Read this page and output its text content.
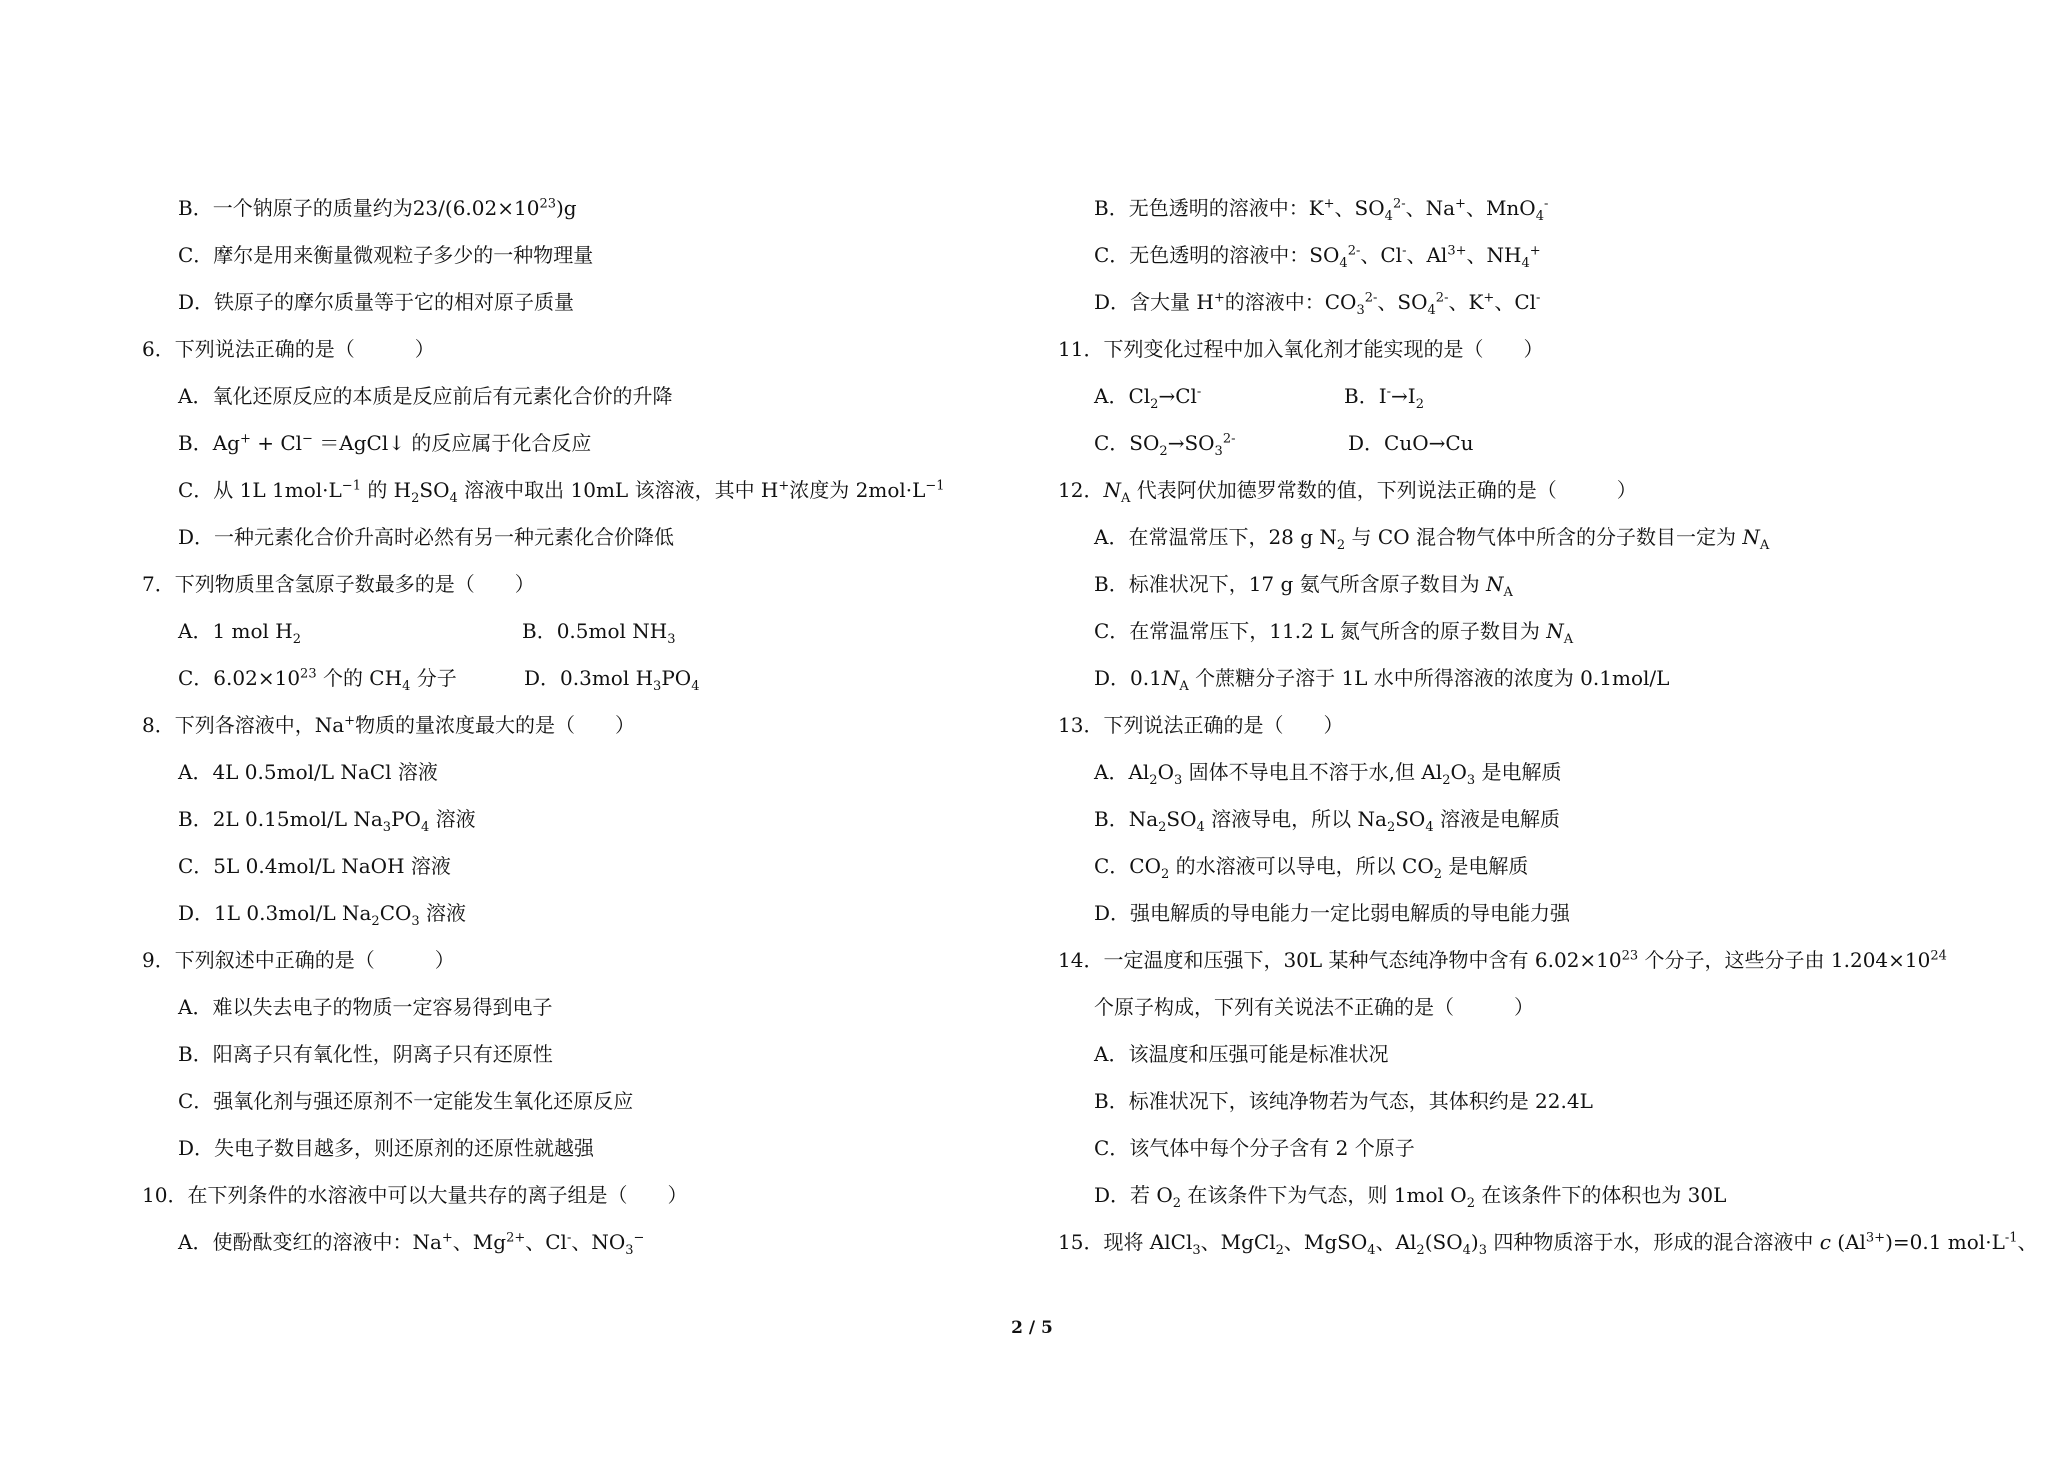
B．一个钠原子的质量约为$23/(6.02\times 10^{23})g$
C．摩尔是用来衡量微观粒子多少的一种物理量
D．铁原子的摩尔质量等于它的相对原子质量
6．下列说法正确的是（　　　）
A．氧化还原反应的本质是反应前后有元素化合价的升降
B．Ag+ + Cl− ＝AgCl↓ 的反应属于化合反应
C．从 1L $1mol\cdot L^{-1}$ 的 $H_2SO_4$ 溶液中取出 10mL 该溶液，其中 H+浓度为 $2mol\cdot L^{-1}$
D．一种元素化合价升高时必然有另一种元素化合价降低
7．下列物质里含氢原子数最多的是（　　）
A．1 mol $H_2$	B．0.5mol $NH_3$
C．$6.02\times 10^{23}$ 个的 $CH_4$ 分子	D．0.3mol $H_3PO_4$
8．下列各溶液中，Na+物质的量浓度最大的是（　　）
A．4L 0.5mol/L NaCl 溶液
B．2L 0.15mol/L $Na_3PO_4$ 溶液
C．5L 0.4mol/L NaOH 溶液
D．1L 0.3mol/L $Na_2CO_3$ 溶液
9．下列叙述中正确的是（　　　）
A．难以失去电子的物质一定容易得到电子
B．阳离子只有氧化性，阴离子只有还原性
C．强氧化剂与强还原剂不一定能发生氧化还原反应
D．失电子数目越多，则还原剂的还原性就越强
10．在下列条件的水溶液中可以大量共存的离子组是（　　）
A．使酚酞变红的溶液中：Na+、$Mg^{2+}$、Cl-、$NO_3^-$
B．无色透明的溶液中：K+、$SO_4^{2-}$、Na+、MnO$_4$-
C．无色透明的溶液中：$SO_4^{2-}$、Cl-、$Al^{3+}$、$NH_4^+$
D．含大量 H+的溶液中：$CO_3^{2-}$、$SO_4^{2-}$、K+、Cl-
11．下列变化过程中加入氧化剂才能实现的是（　　）
A．$Cl_2\to Cl^-$	B．$I^-\to I_2$
C．$SO_2\to SO_3^{2-}$	D．CuO→Cu
12．$N_A$ 代表阿伏加德罗常数的值，下列说法正确的是（　　　）
A．在常温常压下，28 g $N_2$ 与 CO 混合物气体中所含的分子数目一定为 $N_A$
B．标准状况下，17 g 氨气所含原子数目为 $N_A$
C．在常温常压下，11.2 L 氮气所含的原子数目为 $N_A$
D．$0.1N_A$ 个蔗糖分子溶于 1L 水中所得溶液的浓度为 0.1mol/L
13．下列说法正确的是（　　）
A．$Al_2O_3$ 固体不导电且不溶于水,但 $Al_2O_3$ 是电解质
B．$Na_2SO_4$ 溶液导电，所以 $Na_2SO_4$ 溶液是电解质
C．$CO_2$ 的水溶液可以导电，所以 $CO_2$ 是电解质
D．强电解质的导电能力一定比弱电解质的导电能力强
14．一定温度和压强下，30L 某种气态纯净物中含有 $6.02\times 10^{23}$ 个分子，这些分子由 $1.204\times 10^{24}$
个原子构成，下列有关说法不正确的是（　　　）
A．该温度和压强可能是标准状况
B．标准状况下，该纯净物若为气态，其体积约是 22.4L
C．该气体中每个分子含有 2 个原子
D．若 $O_2$ 在该条件下为气态，则 1mol $O_2$ 在该条件下的体积也为 30L
15．现将 AlCl$_3$、MgCl$_2$、MgSO$_4$、$Al_2(SO_4)_3$ 四种物质溶于水，形成的混合溶液中 c $(Al^{3+})=0.1$ $mol\cdot L^{-1}$、
2 / 5
